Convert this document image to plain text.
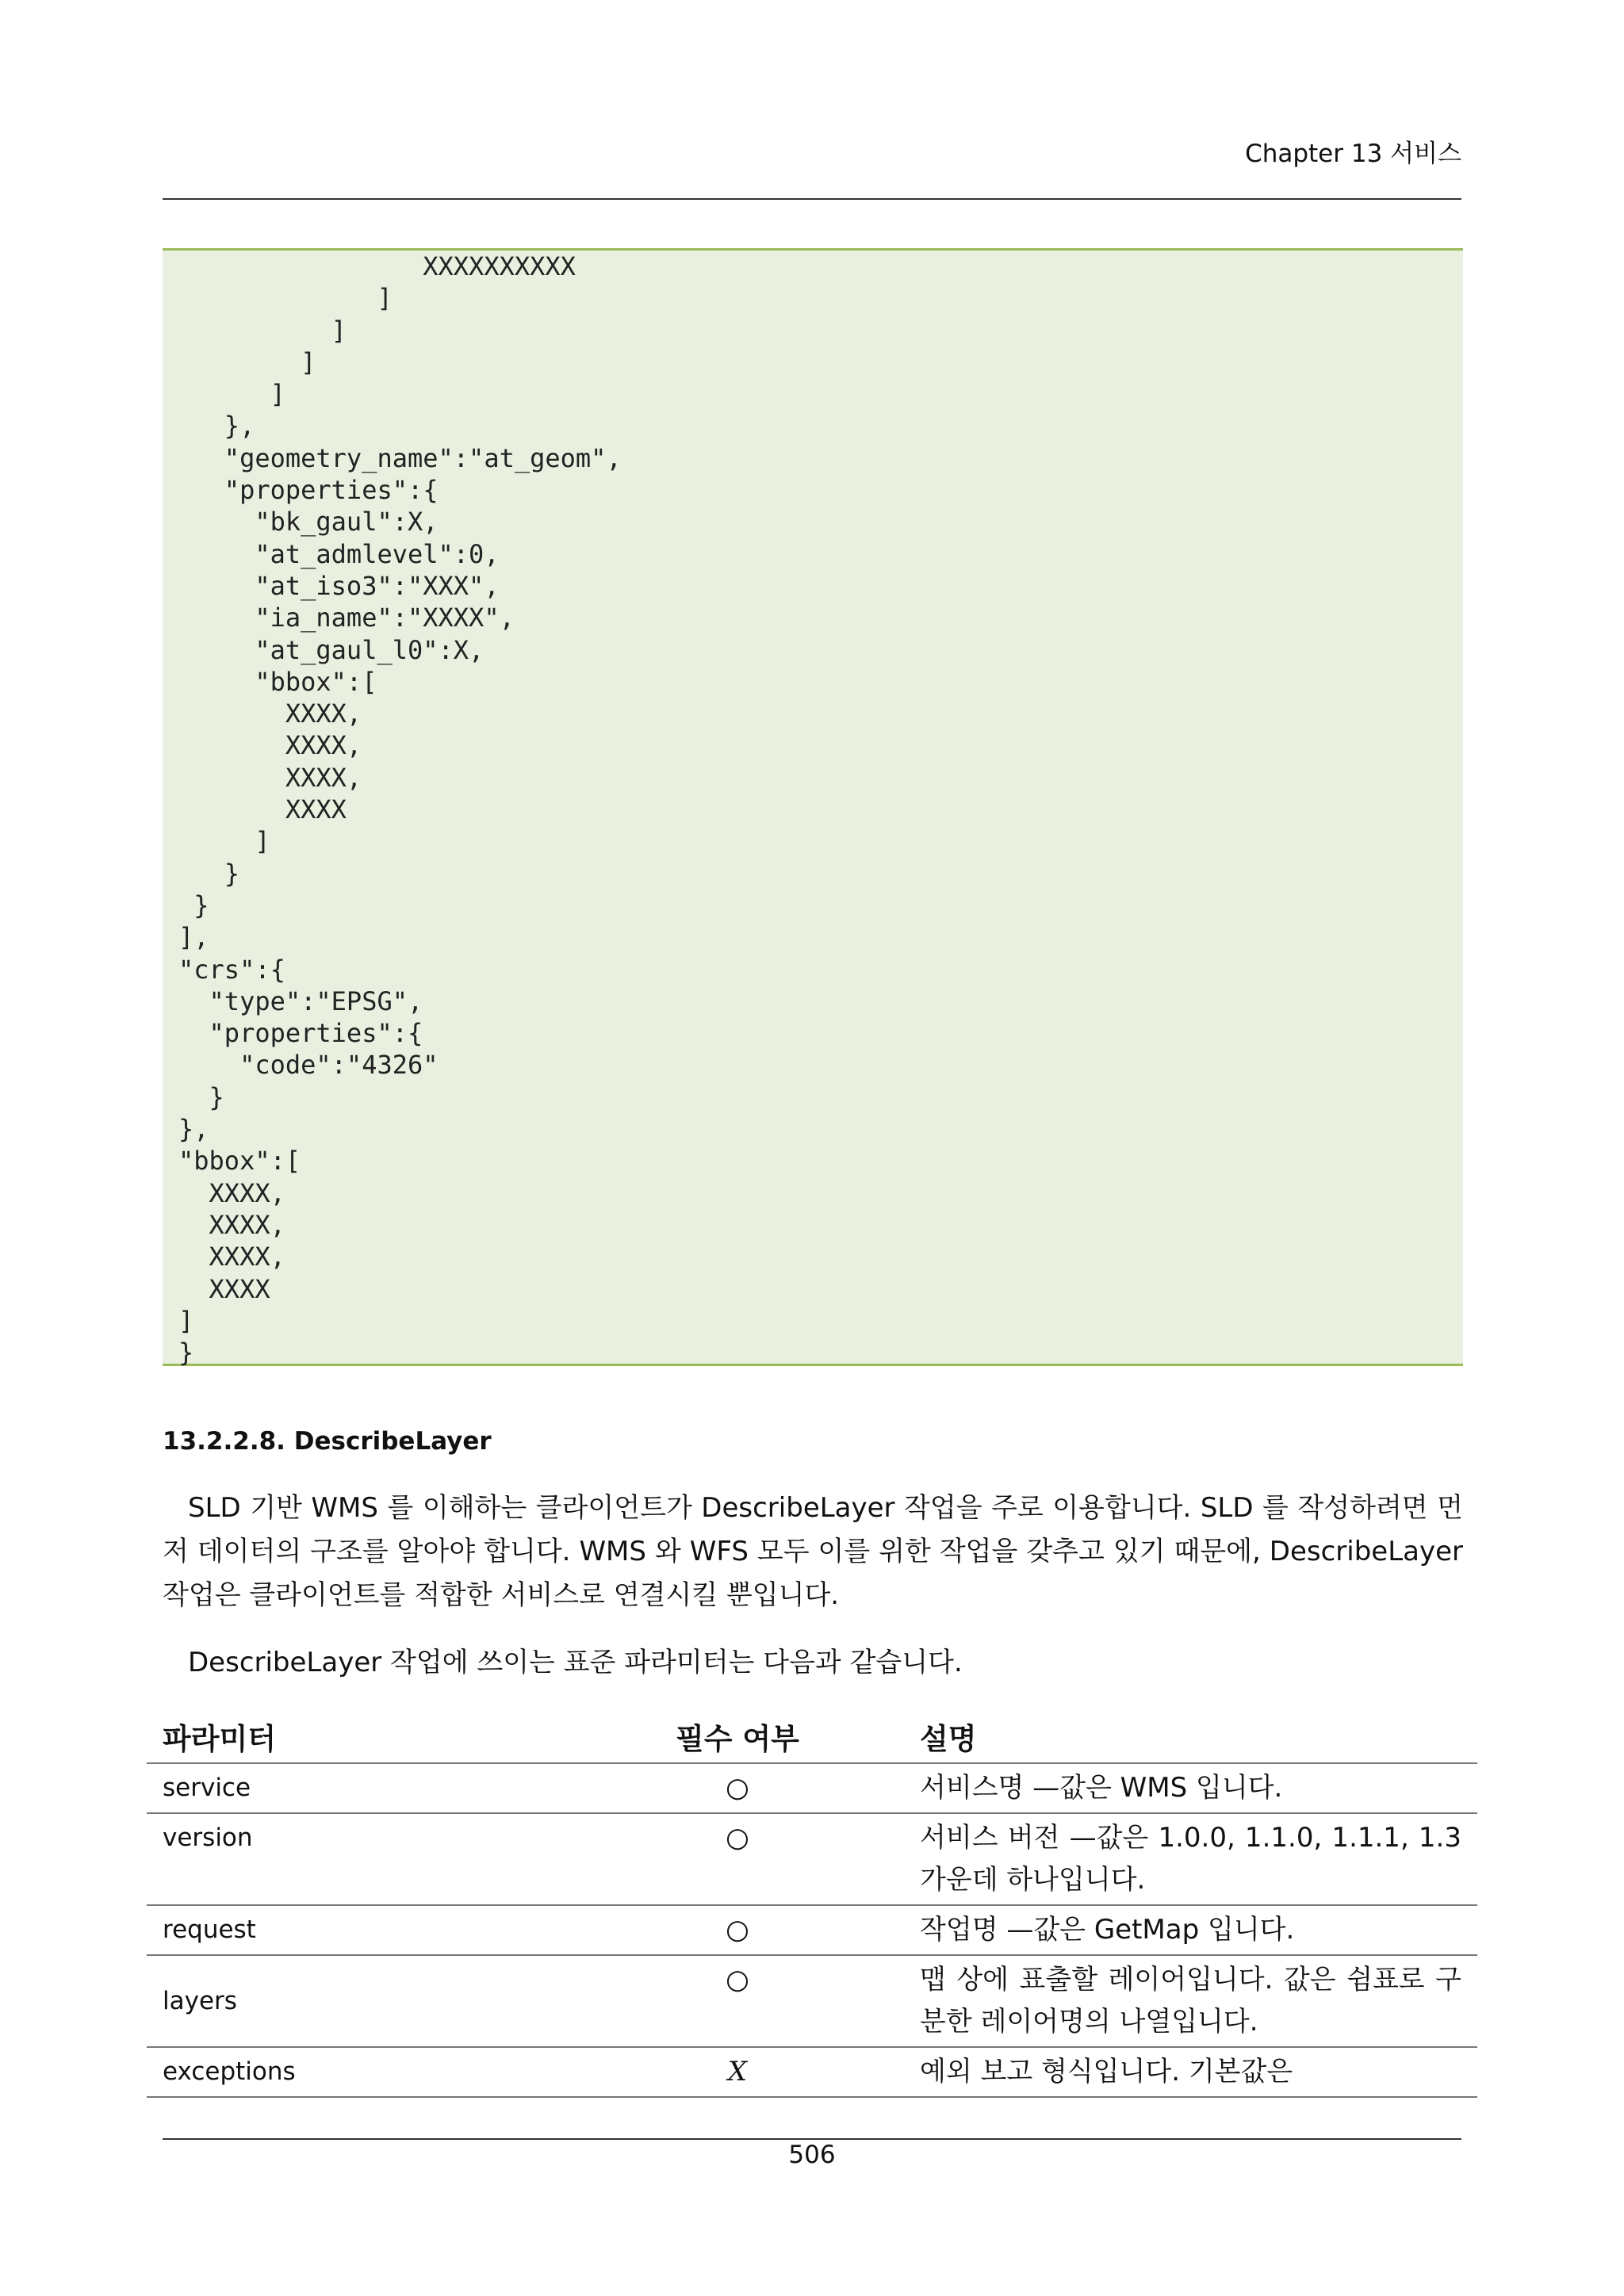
Chapter 13 서비스
XXXXXXXXXX
]
]
]
]
},
"geometry_name":"at_geom",
"properties":{
"bk_gaul":X,
"at_admlevel":0,
"at_iso3":"XXX",
"ia_name":"XXXX",
"at_gaul_l0":X,
"bbox":[
XXXX,
XXXX,
XXXX,
XXXX
]
}
}
],
"crs":{
"type":"EPSG",
"properties":{
"code":"4326"
}
},
"bbox":[
XXXX,
XXXX,
XXXX,
XXXX
]
}
13.2.2.8. DescribeLayer
SLD 기반 WMS 를 이해하는 클라이언트가 DescribeLayer 작업을 주로 이용합니다. SLD 를 작성하려면 먼저 데이터의 구조를 알아야 합니다. WMS 와 WFS 모두 이를 위한 작업을 갖추고 있기 때문에, DescribeLayer 작업은 클라이언트를 적합한 서비스로 연결시킬 뿐입니다.
DescribeLayer 작업에 쓰이는 표준 파라미터는 다음과 같습니다.
파라미터	필수 여부	설명
service	○	서비스명 —값은 WMS 입니다.
version	○	서비스 버전 —값은 1.0.0, 1.1.0, 1.1.1, 1.3 가운데 하나입니다.
request	○	작업명 —값은 GetMap 입니다.
layers	○	맵 상에 표출할 레이어입니다. 값은 쉼표로 구분한 레이어명의 나열입니다.
exceptions	X	예외 보고 형식입니다. 기본값은
506
